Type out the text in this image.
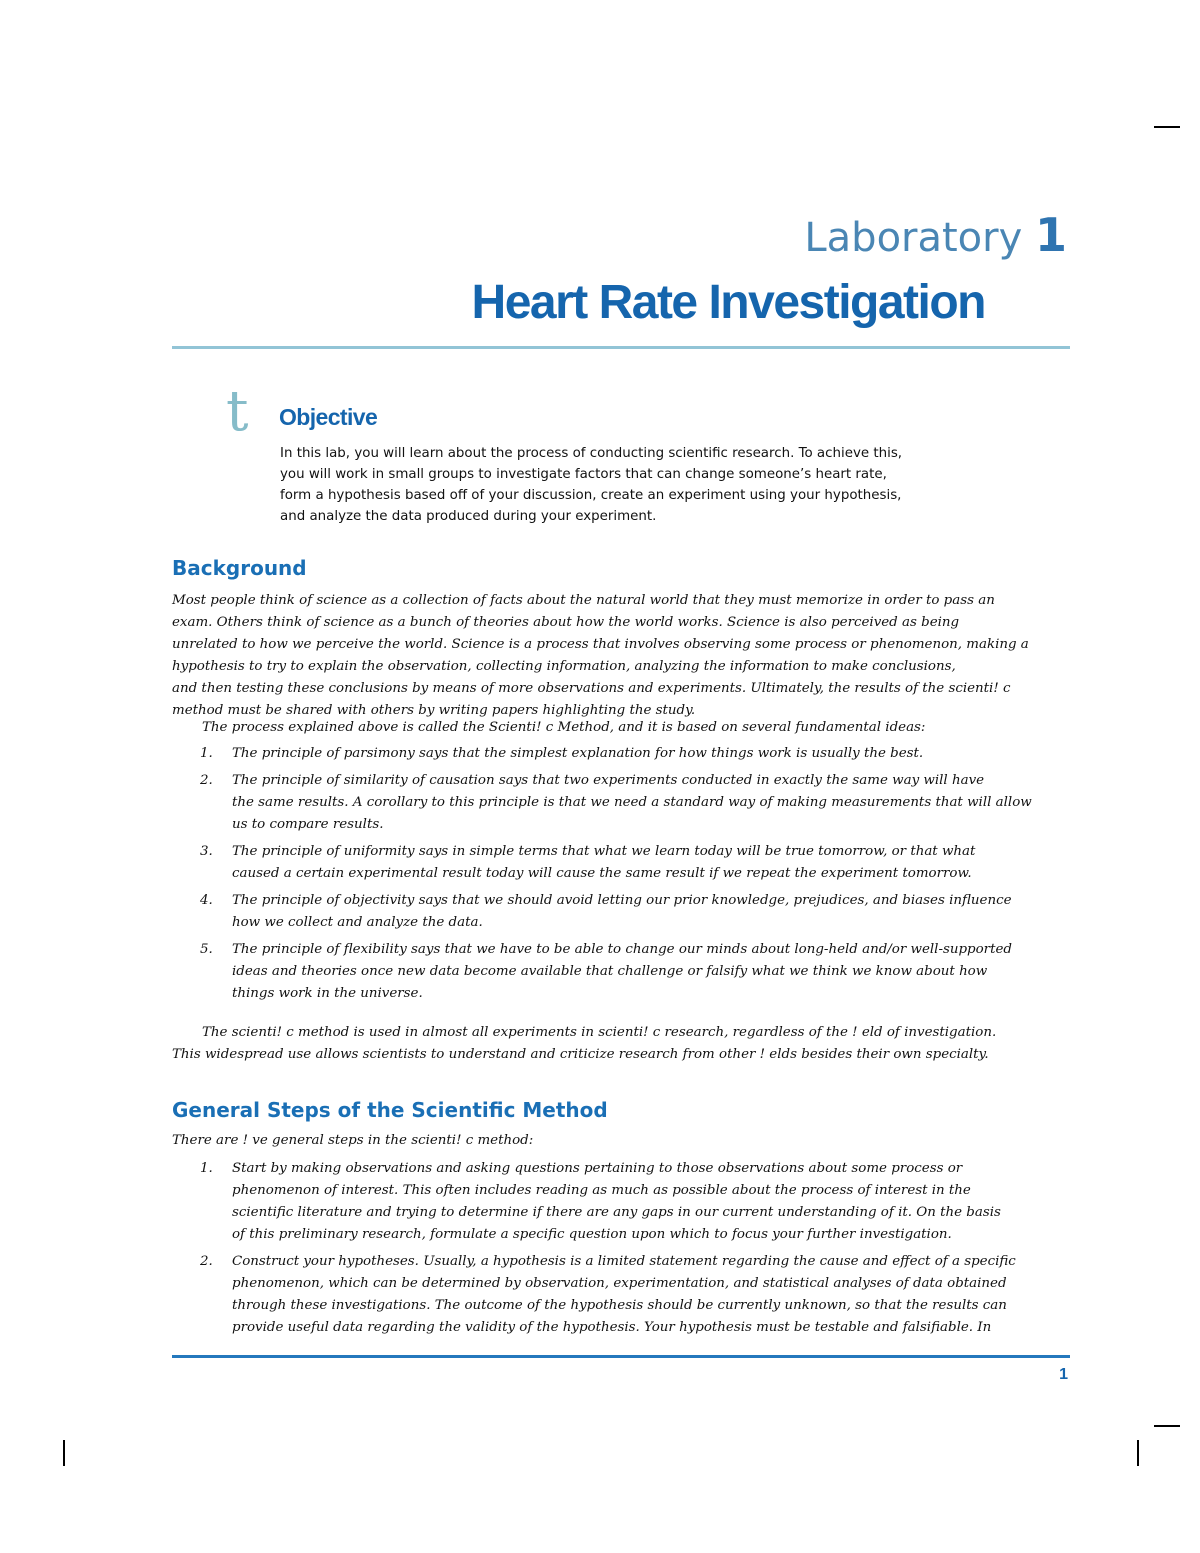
Laboratory 1
Heart Rate Investigation
t Objective

In this lab, you will learn about the process of conducting scientific research. To achieve this,
you will work in small groups to investigate factors that can change someone’s heart rate,
form a hypothesis based off of your discussion, create an experiment using your hypothesis,
and analyze the data produced during your experiment.

Background

Most people think of science as a collection of facts about the natural world that they must memorize in order to pass an
exam. Others think of science as a bunch of theories about how the world works. Science is also perceived as being
unrelated to how we perceive the world. Science is a process that involves observing some process or phenomenon, making a
hypothesis to try to explain the observation, collecting information, analyzing the information to make conclusions,
and then testing these conclusions by means of more observations and experiments. Ultimately, the results of the scienti! c
method must be shared with others by writing papers highlighting the study.

The process explained above is called the Scienti! c Method, and it is based on several fundamental ideas:

1. The principle of parsimony says that the simplest explanation for how things work is usually the best.
2. The principle of similarity of causation says that two experiments conducted in exactly the same way will have
the same results. A corollary to this principle is that we need a standard way of making measurements that will allow
us to compare results.
3. The principle of uniformity says in simple terms that what we learn today will be true tomorrow, or that what
caused a certain experimental result today will cause the same result if we repeat the experiment tomorrow.
4. The principle of objectivity says that we should avoid letting our prior knowledge, prejudices, and biases influence
how we collect and analyze the data.
5. The principle of flexibility says that we have to be able to change our minds about long-held and/or well-supported
ideas and theories once new data become available that challenge or falsify what we think we know about how
things work in the universe.

The scienti! c method is used in almost all experiments in scienti! c research, regardless of the ! eld of investigation.

This widespread use allows scientists to understand and criticize research from other ! elds besides their own specialty.

General Steps of the Scientific Method

There are ! ve general steps in the scienti! c method:

1. Start by making observations and asking questions pertaining to those observations about some process or
phenomenon of interest. This often includes reading as much as possible about the process of interest in the
scientific literature and trying to determine if there are any gaps in our current understanding of it. On the basis
of this preliminary research, formulate a specific question upon which to focus your further investigation.
2. Construct your hypotheses. Usually, a hypothesis is a limited statement regarding the cause and effect of a specific
phenomenon, which can be determined by observation, experimentation, and statistical analyses of data obtained
through these investigations. The outcome of the hypothesis should be currently unknown, so that the results can
provide useful data regarding the validity of the hypothesis. Your hypothesis must be testable and falsifiable. In
1
